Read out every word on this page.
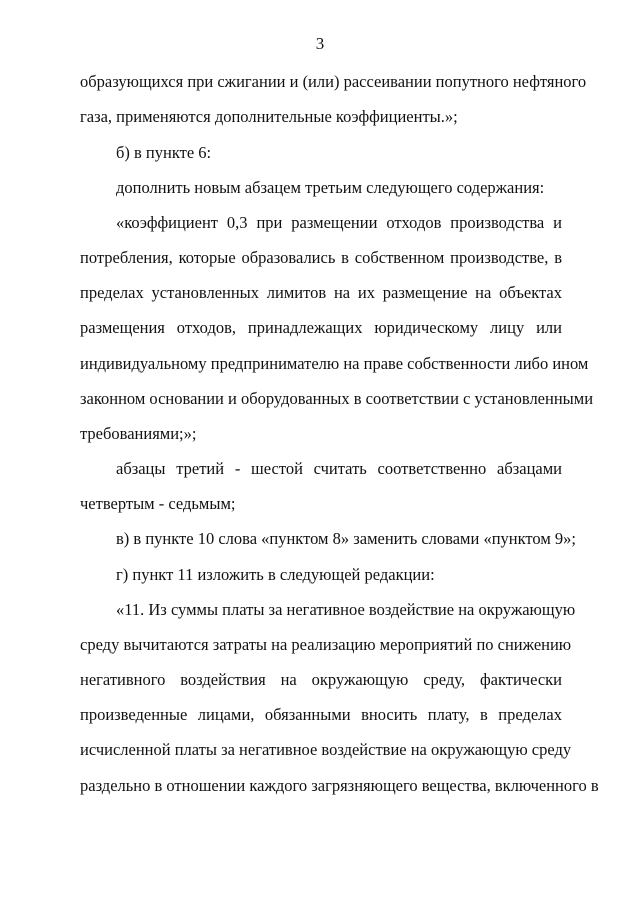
3
образующихся при сжигании и (или) рассеивании попутного нефтяного
газа, применяются дополнительные коэффициенты.»;
б) в пункте 6:
дополнить новым абзацем третьим следующего содержания:
«коэффициент 0,3 при размещении отходов производства и
потребления, которые образовались в собственном производстве, в
пределах установленных лимитов на их размещение на объектах
размещения отходов, принадлежащих юридическому лицу или
индивидуальному предпринимателю на праве собственности либо ином
законном основании и оборудованных в соответствии с установленными
требованиями;»;
абзацы третий - шестой считать соответственно абзацами
четвертым - седьмым;
в) в пункте 10 слова «пунктом 8» заменить словами «пунктом 9»;
г) пункт 11 изложить в следующей редакции:
«11. Из суммы платы за негативное воздействие на окружающую
среду вычитаются затраты на реализацию мероприятий по снижению
негативного воздействия на окружающую среду, фактически
произведенные лицами, обязанными вносить плату, в пределах
исчисленной платы за негативное воздействие на окружающую среду
раздельно в отношении каждого загрязняющего вещества, включенного в
